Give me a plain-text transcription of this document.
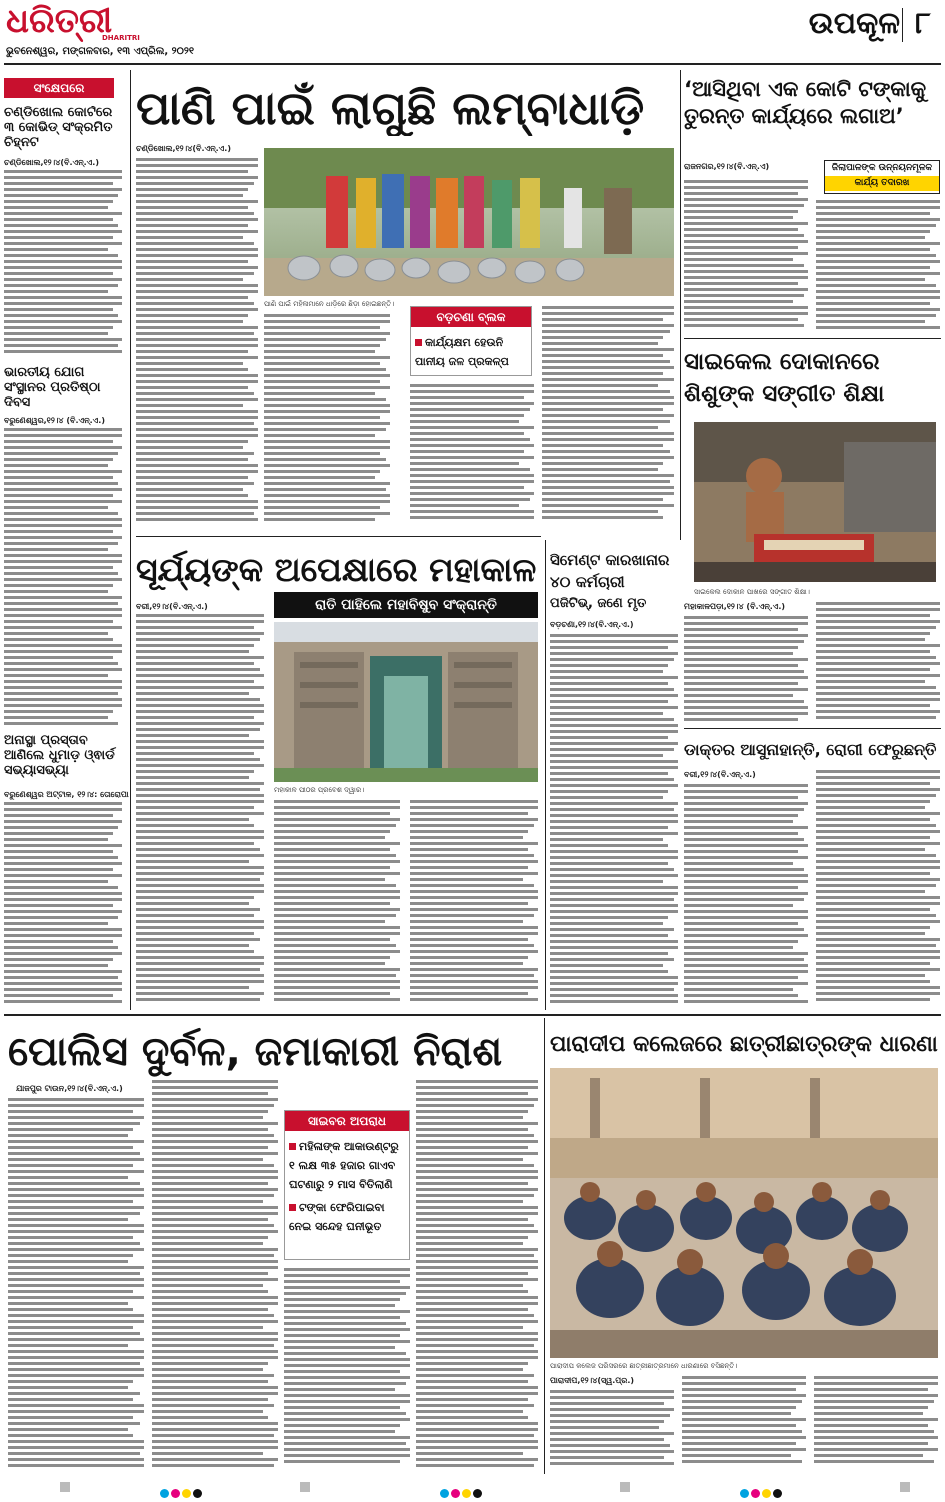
ଧରିତ୍ରୀ
DHARITRI
ଭୁବନେଶ୍ୱର, ମଙ୍ଗଳବାର, ୧୩ ଏପ୍ରିଲ, ୨୦୨୧
ଉପକୂଳ ୮
ସଂକ୍ଷେପରେ
ଚଣ୍ଡିଖୋଲ କୋର୍ଟରେ ୩ କୋଭିଡ୍ ସଂକ୍ରମିତ ଚିହ୍ନଟ
ଚଣ୍ଡିଖୋଲ,୧୨।୪(ବି.ଏନ୍.ଏ.)
ଭାରତୀୟ ଯୋଗ ସଂସ୍ଥାନର ପ୍ରତିଷ୍ଠା ଦିବସ
ବରୁଣେଶ୍ୱର,୧୨।୪ (ବି.ଏନ୍.ଏ.)
ଅନାସ୍ଥା ପ୍ରସ୍ତାବ ଆଣିଲେ ଧୁମାଡ଼ ଓ୍ଵାର୍ଡ ସଭ୍ୟାସଭ୍ୟା
ବରୁଣେଶ୍ୱର ଅଟ୍ଟାଳ, ୧୨।୪: ତୋରୋପା
ପାଣି ପାଇଁ ଲାଗୁଛି ଲମ୍ବାଧାଡ଼ି
ଚଣ୍ଡିଖୋଲ,୧୨।୪(ବି.ଏନ୍.ଏ.)
ପାଣି ପାଇଁ ମହିଳାମାନେ ଧାଡ଼ିରେ ଛିଡ଼ା ହୋଇଛନ୍ତି।
ବଡ଼ଚଣା ବ୍ଲକ
କାର୍ଯ୍ୟକ୍ଷମ ହେଉନି ପାନୀୟ ଜଳ ପ୍ରକଳ୍ପ
‘ଆସିଥିବା ଏକ କୋଟି ଟଙ୍କାକୁ ତୁରନ୍ତ କାର୍ଯ୍ୟରେ ଲଗାଅ’
ରାଜନଗର,୧୨।୪(ବି.ଏନ୍.ଏ)	ଜିଲାପାଳଙ୍କ ଉନ୍ନୟନମୂଳକ
କାର୍ଯ୍ୟ ତଦାରଖ
ସାଇକେଲ ଦୋକାନରେ ଶିଶୁଙ୍କ ସଙ୍ଗୀତ ଶିକ୍ଷା
ସାଇକେଲ ଦୋକାନ ପାଖରେ ସଙ୍ଗୀତ ଶିକ୍ଷା।
ମହାକାଳପଡ଼ା,୧୨।୪ (ବି.ଏନ୍.ଏ.)
ସୂର୍ଯ୍ୟଙ୍କ ଅପେକ୍ଷାରେ ମହାକାଳ
ବରୀ,୧୨।୪(ବି.ଏନ୍.ଏ.)	ରାତି ପାହିଲେ ମହାବିଷୁବ ସଂକ୍ରାନ୍ତି
ମହାକାଳ ପୀଠର ପ୍ରବେଶ ଦ୍ୱାର।
ସିମେଣ୍ଟ କାରଖାନାର
୪୦ କର୍ମଚାରୀ
ପଜିଟିଭ୍, ଜଣେ ମୃତ
ବଡ଼ଚଣା,୧୨।୪(ବି.ଏନ୍.ଏ.)
ଡାକ୍ତର ଆସୁନାହାନ୍ତି, ରୋଗୀ ଫେରୁଛନ୍ତି
ବରୀ,୧୨।୪(ବି.ଏନ୍.ଏ.)
ପୋଲିସ ଦୁର୍ବଳ, ଜମାକାରୀ ନିରାଶ
ଯାଜପୁର ଟାଉନ,୧୨।୪(ବି.ଏନ୍.ଏ.)
ସାଇବର ଅପରାଧ
ମହିଳାଙ୍କ ଆକାଉଣ୍ଟରୁ ୧ ଲକ୍ଷ ୩୫ ହଜାର ଗାଏବ ଘଟଣାରୁ ୨ ମାସ ବିତିଲାଣି
ଟଙ୍କା ଫେରିପାଇବା ନେଇ ସନ୍ଦେହ ଘନୀଭୂତ
ପାରାଦୀପ କଲେଜରେ ଛାତ୍ରୀଛାତ୍ରଙ୍କ ଧାରଣା
ପାରାଦୀପ କଲେଜ ପରିସରରେ ଛାତ୍ରୀଛାତ୍ରମାନେ ଧାରଣାରେ ବସିଛନ୍ତି।
ପାରାଦୀପ,୧୨।୪(ସ୍ୱ.ପ୍ର.)
